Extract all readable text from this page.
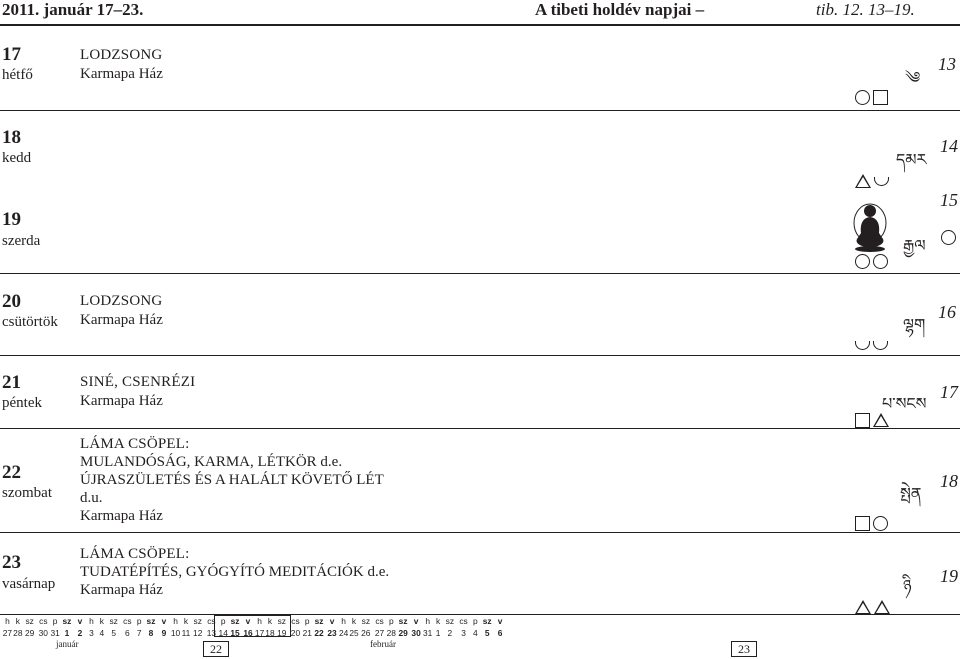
2011. január 17–23.	A tibeti holdév napjai –	tib. 12. 13–19.
17
hétfő
LODZSONG
Karmapa Ház	༄
13
18
kedd	དམར
14
19
szerda	རྒྱལ
15
20
csütörtök
LODZSONG
Karmapa Ház	ལྷག
16
21
péntek
SINÉ, CSENRÉZI
Karmapa Ház	པ་སངས
17
22
szombat
LÁMA CSÖPEL:
MULANDÓSÁG, KARMA, LÉTKÖR d.e.
ÚJRASZÜLETÉS ÉS A HALÁLT KÖVETŐ LÉT
d.u.
Karmapa Ház
སྤེན
18
23
vasárnap
LÁMA CSÖPEL:
TUDATÉPÍTÉS, GYÓGYÍTÓ MEDITÁCIÓK d.e.
Karmapa Ház	ཉི 19
h k sz cs p sz v h k sz cs p sz v h k sz cs p sz v h k sz cs p sz v h k sz cs p sz v h k sz cs p sz v
27 28 29 30 31 1 2 3 4 5	6 7 8 9 10 11 12 13 14 15 16 17 18 19 20 21 22 23 24 25 26 27 28 29 30 31 1 2	3 4 5 6
január	február
22	23
